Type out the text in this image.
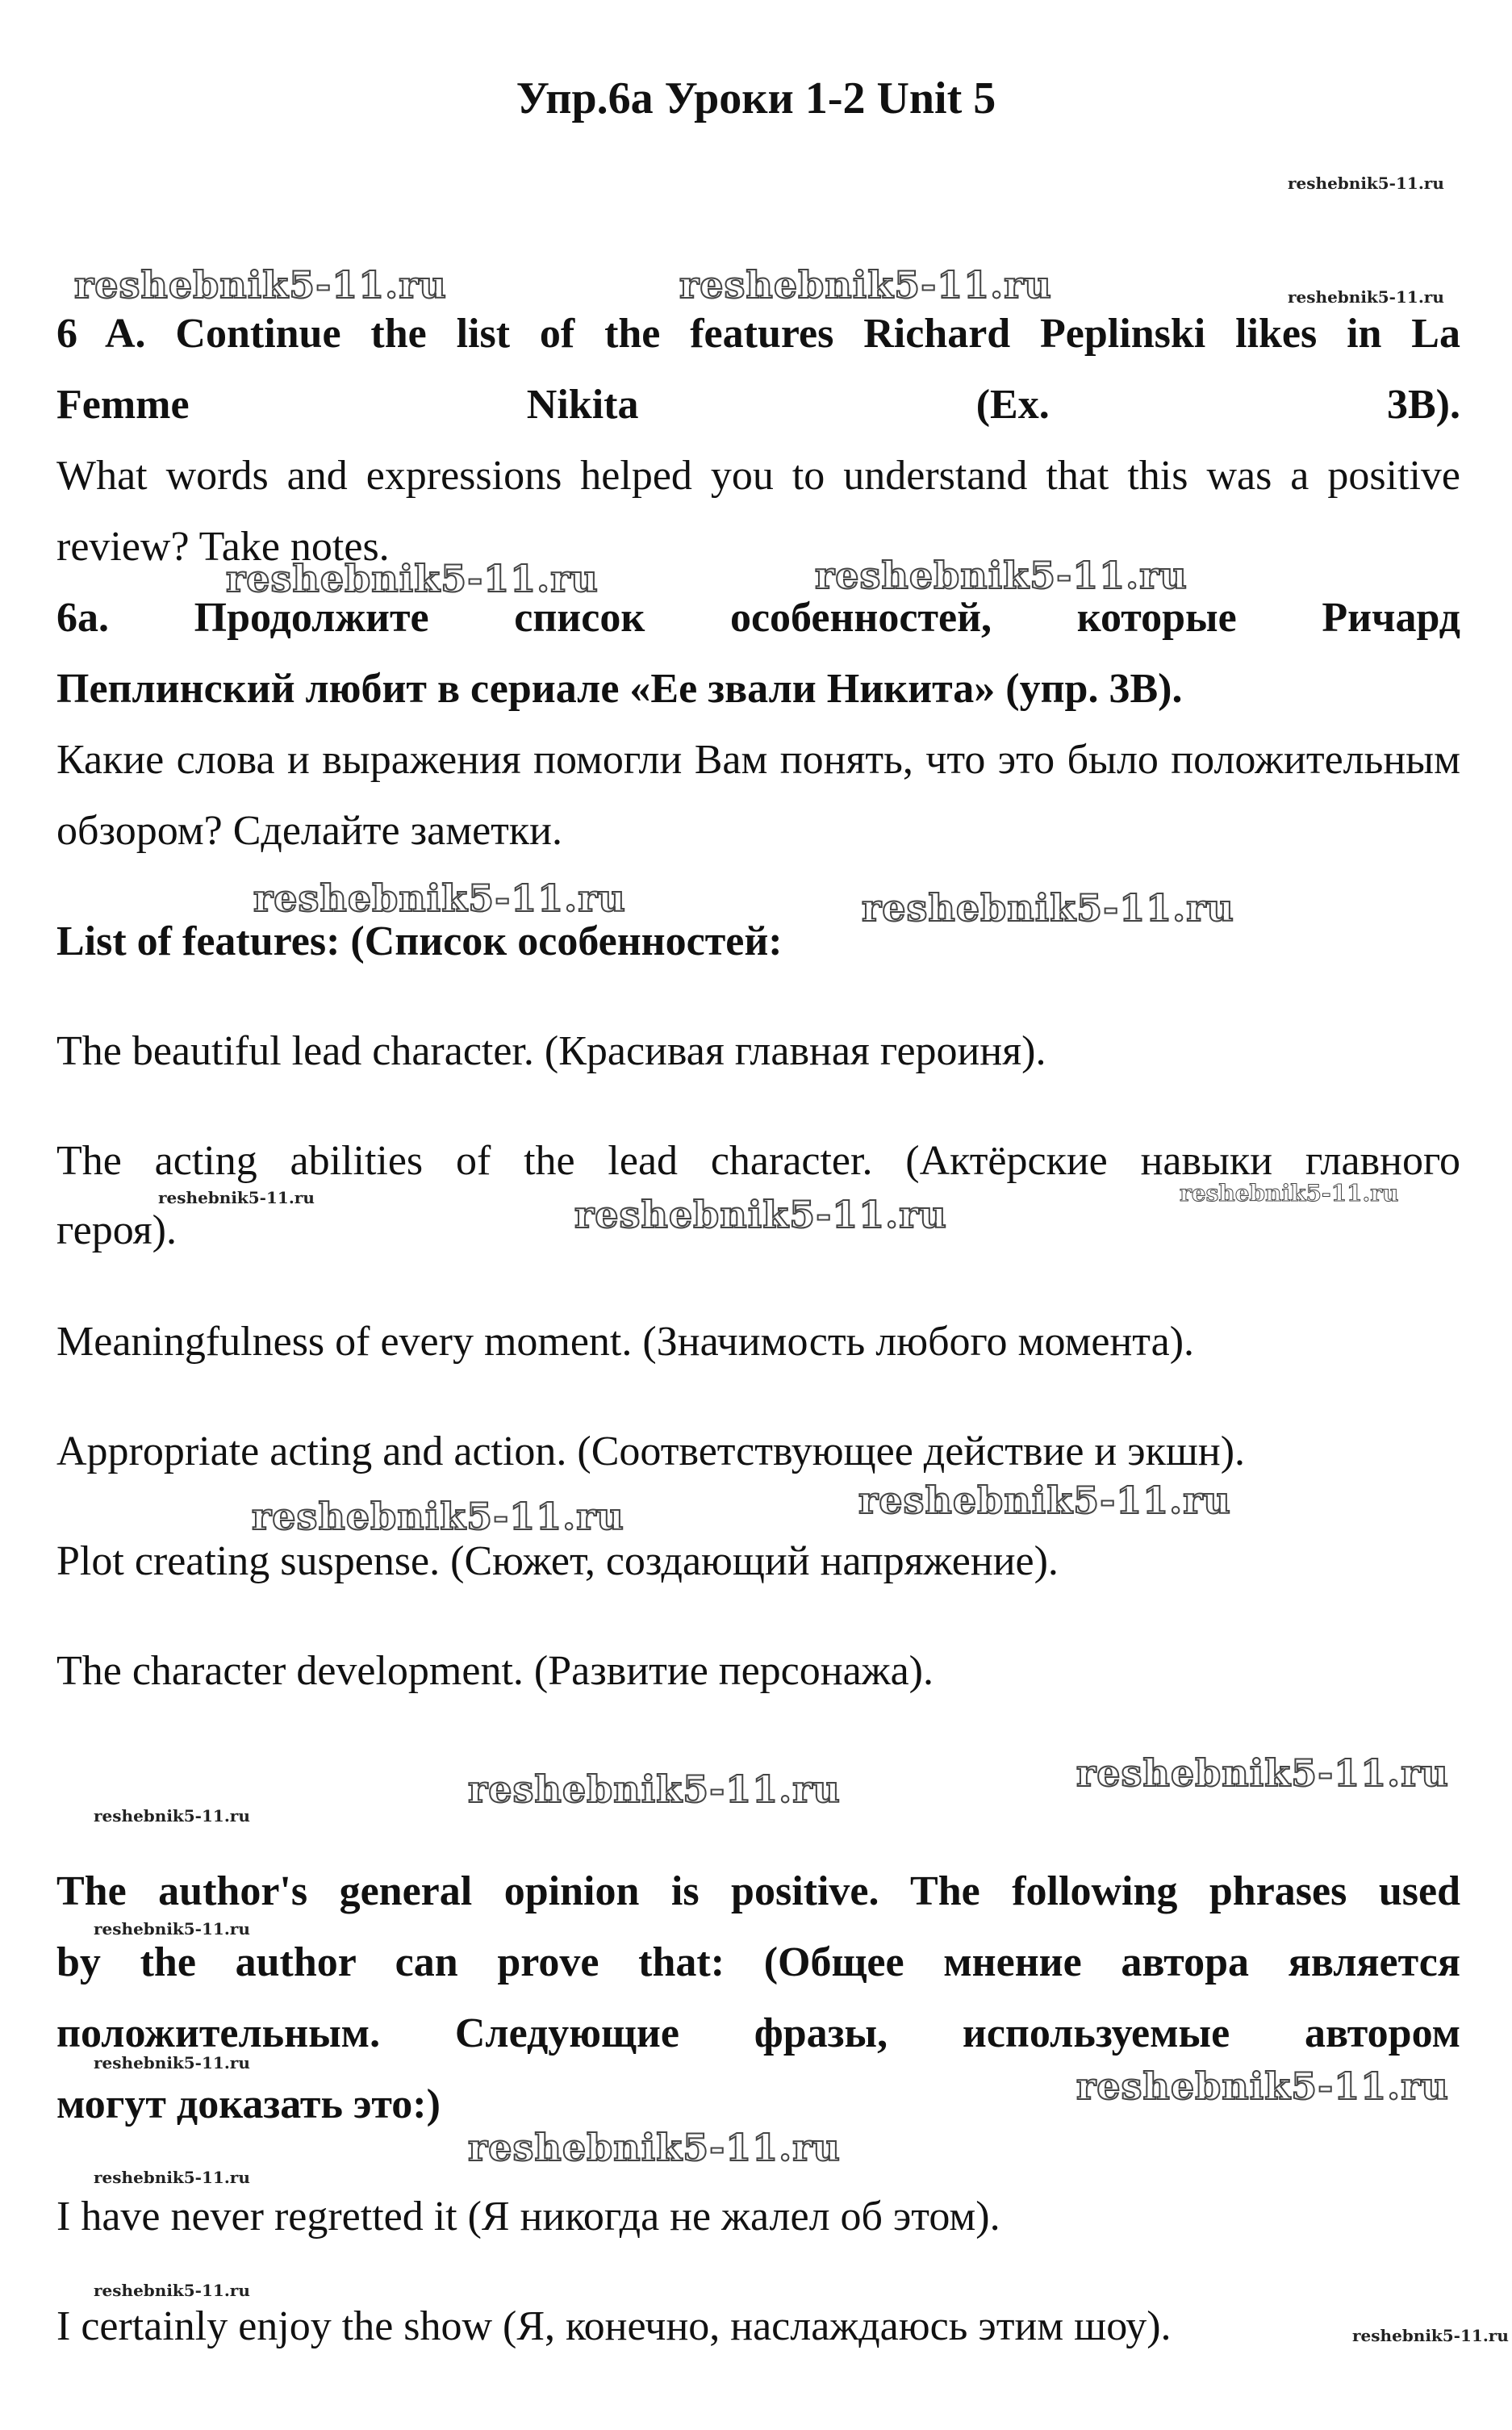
Упр.6а Уроки 1-2 Unit 5

6 A. Continue the list of the features Richard Peplinski likes in La

Femme Nikita (Ex. 3B).

What words and expressions helped you to understand that this was a positive review? Take notes.

6а. Продолжите список особенностей, которые Ричард

Пеплинский любит в сериале «Ее звали Никита» (упр. 3В).

Какие слова и выражения помогли Вам понять, что это было положительным обзором? Сделайте заметки.

List of features: (Список особенностей:

The beautiful lead character. (Красивая главная героиня).

The acting abilities of the lead character. (Актёрские навыки главного

героя).

Meaningfulness of every moment. (Значимость любого момента).

Appropriate acting and action. (Соответствующее действие и экшн).

Plot creating suspense. (Сюжет, создающий напряжение).

The character development. (Развитие персонажа).

The author's general opinion is positive. The following phrases used

by the author can prove that: (Общее мнение автора является

положительным. Следующие фразы, используемые автором

могут доказать это:)

I have never regretted it (Я никогда не жалел об этом).

I certainly enjoy the show (Я, конечно, наслаждаюсь этим шоу).

reshebnik5-11.ru
reshebnik5-11.ru	reshebnik5-11.ru	reshebnik5-11.ru
reshebnik5-11.ru	reshebnik5-11.ru
reshebnik5-11.ru	reshebnik5-11.ru
reshebnik5-11.ru	reshebnik5-11.ru	reshebnik5-11.ru
reshebnik5-11.ru
reshebnik5-11.ru
reshebnik5-11.ru	reshebnik5-11.ru
reshebnik5-11.ru
reshebnik5-11.ru
reshebnik5-11.ru
reshebnik5-11.ru
reshebnik5-11.ru
reshebnik5-11.ru
reshebnik5-11.ru
reshebnik5-11.ru
